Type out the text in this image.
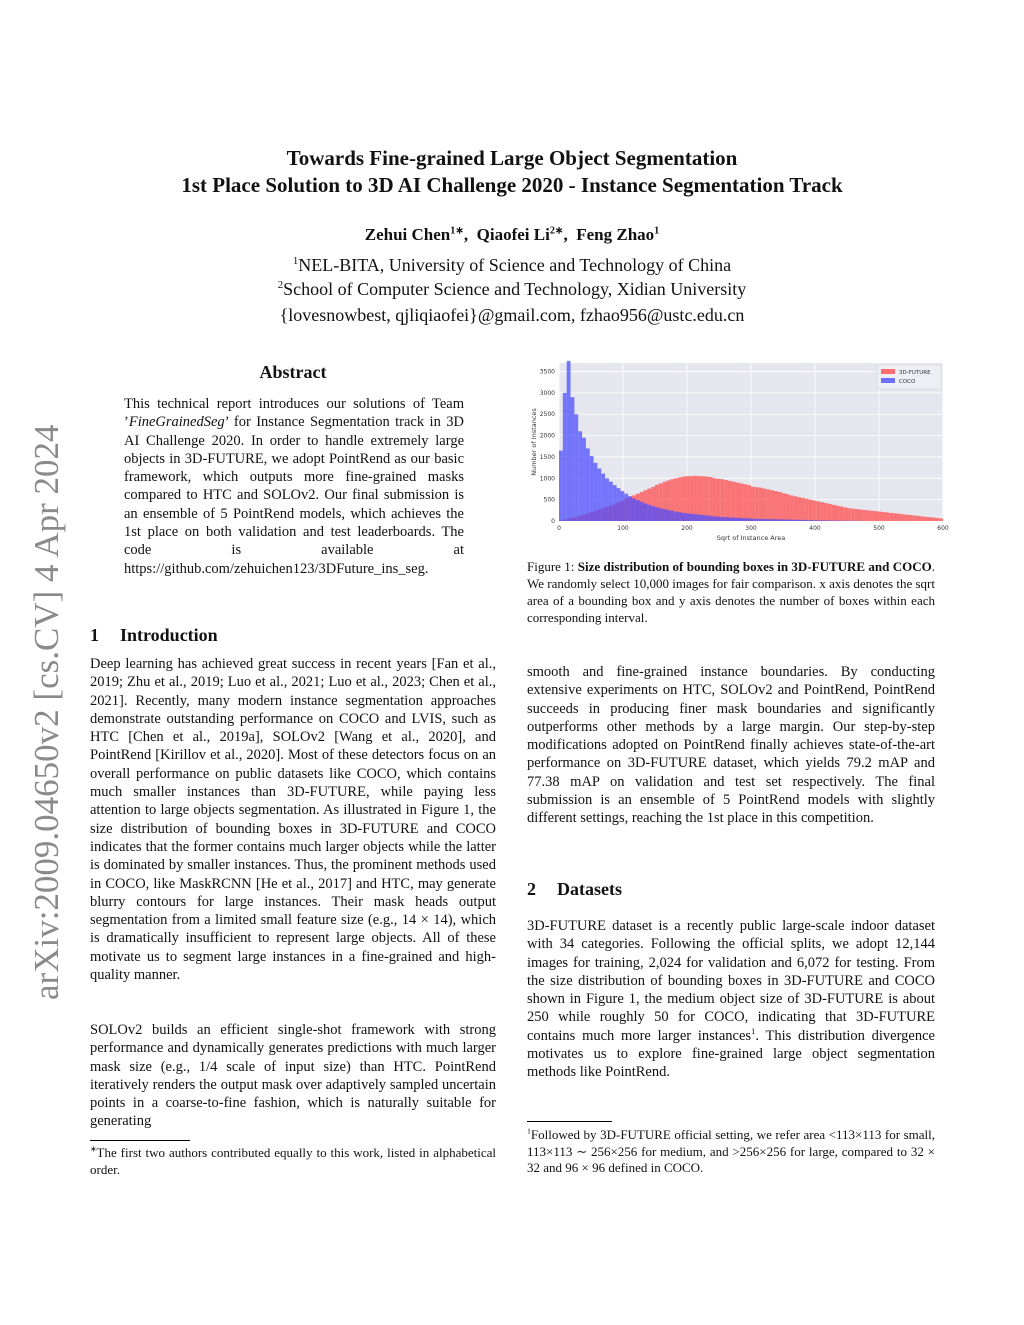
Towards Fine-grained Large Object Segmentation
1st Place Solution to 3D AI Challenge 2020 - Instance Segmentation Track
Zehui Chen$^{1∗}$, Qiaofei $Li^{2∗}$, Feng Zhao$^1$
$^1$NEL-BITA, University of Science and Technology of China
$^2$School of Computer Science and Technology, Xidian University
{lovesnowbest, qjliqiaofei}@gmail.com, fzhao956@ustc.edu.cn
arXiv:2009.04650v2 [cs.CV] 4 Apr 2024
Abstract
This technical report introduces our solutions of Team ’FineGrainedSeg’ for Instance Segmentation track in 3D AI Challenge 2020. In order to handle extremely large objects in 3D-FUTURE, we adopt PointRend as our basic framework, which outputs more fine-grained masks compared to HTC and SOLOv2. Our final submission is an ensemble of 5 PointRend models, which achieves the 1st place on both validation and test leaderboards. The code is available at https://github.com/zehuichen123/3DFuture_ins_seg.
1 Introduction
Deep learning has achieved great success in recent years [Fan et al., 2019; Zhu et al., 2019; Luo et al., 2021; Luo et al., 2023; Chen et al., 2021]. Recently, many modern instance segmentation approaches demonstrate outstanding performance on COCO and LVIS, such as HTC [Chen et al., 2019a], SOLOv2 [Wang et al., 2020], and PointRend [Kirillov et al., 2020]. Most of these detectors focus on an overall performance on public datasets like COCO, which contains much smaller instances than 3D-FUTURE, while paying less attention to large objects segmentation. As illustrated in Figure 1, the size distribution of bounding boxes in 3D-FUTURE and COCO indicates that the former contains much larger objects while the latter is dominated by smaller instances. Thus, the prominent methods used in COCO, like MaskRCNN [He et al., 2017] and HTC, may generate blurry contours for large instances. Their mask heads output segmentation from a limited small feature size (e.g., 14 × 14), which is dramatically insufficient to represent large objects. All of these motivate us to segment large instances in a fine-grained and high-quality manner.
SOLOv2 builds an efficient single-shot framework with strong performance and dynamically generates predictions with much larger mask size (e.g., 1/4 scale of input size) than HTC. PointRend iteratively renders the output mask over adaptively sampled uncertain points in a coarse-to-fine fashion, which is naturally suitable for generating
∗The first two authors contributed equally to this work, listed in alphabetical order.
0
500
1000
1500
2000
2500
3000
3500
0	100	200	300	400	500	600
Sqrt of Instance Area
Number of Instances
3D-FUTURE
COCO
Figure 1: Size distribution of bounding boxes in 3D-FUTURE and COCO. We randomly select 10,000 images for fair comparison. x axis denotes the sqrt area of a bounding box and y axis denotes the number of boxes within each corresponding interval.
smooth and fine-grained instance boundaries. By conducting extensive experiments on HTC, SOLOv2 and PointRend, PointRend succeeds in producing finer mask boundaries and significantly outperforms other methods by a large margin. Our step-by-step modifications adopted on PointRend finally achieves state-of-the-art performance on 3D-FUTURE dataset, which yields 79.2 mAP and 77.38 mAP on validation and test set respectively. The final submission is an ensemble of 5 PointRend models with slightly different settings, reaching the 1st place in this competition.
2 Datasets
3D-FUTURE dataset is a recently public large-scale indoor dataset with 34 categories. Following the official splits, we adopt 12,144 images for training, 2,024 for validation and 6,072 for testing. From the size distribution of bounding boxes in 3D-FUTURE and COCO shown in Figure 1, the medium object size of 3D-FUTURE is about 250 while roughly 50 for COCO, indicating that 3D-FUTURE contains much more larger instances$^1$. This distribution divergence motivates us to explore fine-grained large object segmentation methods like PointRend.
$^1$Followed by 3D-FUTURE official setting, we refer area <113×113 for small, 113×113 ∼ 256×256 for medium, and >256×256 for large, compared to 32 × 32 and 96 × 96 defined in COCO.
